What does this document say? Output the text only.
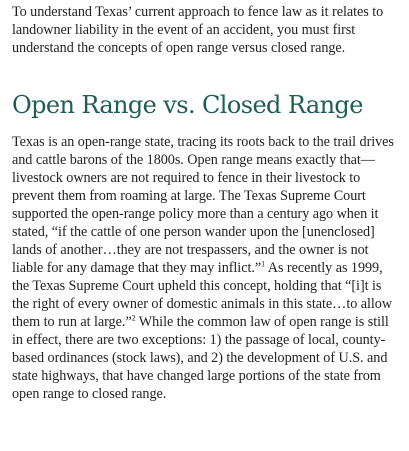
To understand Texas’ current approach to fence law as it relates to landowner liability in the event of an accident, you must first understand the concepts of open range versus closed range.

Open Range vs. Closed Range

Texas is an open-range state, tracing its roots back to the trail drives and cattle barons of the 1800s. Open range means exactly that—livestock owners are not required to fence in their livestock to prevent them from roaming at large. The Texas Supreme Court supported the open-range policy more than a century ago when it stated, “if the cattle of one person wander upon the [unenclosed] lands of another…they are not trespassers, and the owner is not liable for any damage that they may inflict.”$^1$ As recently as 1999, the Texas Supreme Court upheld this concept, holding that “[i]t is the right of every owner of domestic animals in this state…to allow them to run at large.”$^2$ While the common law of open range is still in effect, there are two exceptions: 1) the passage of local, county-based ordinances (stock laws), and 2) the development of U.S. and state highways, that have changed large portions of the state from open range to closed range.
